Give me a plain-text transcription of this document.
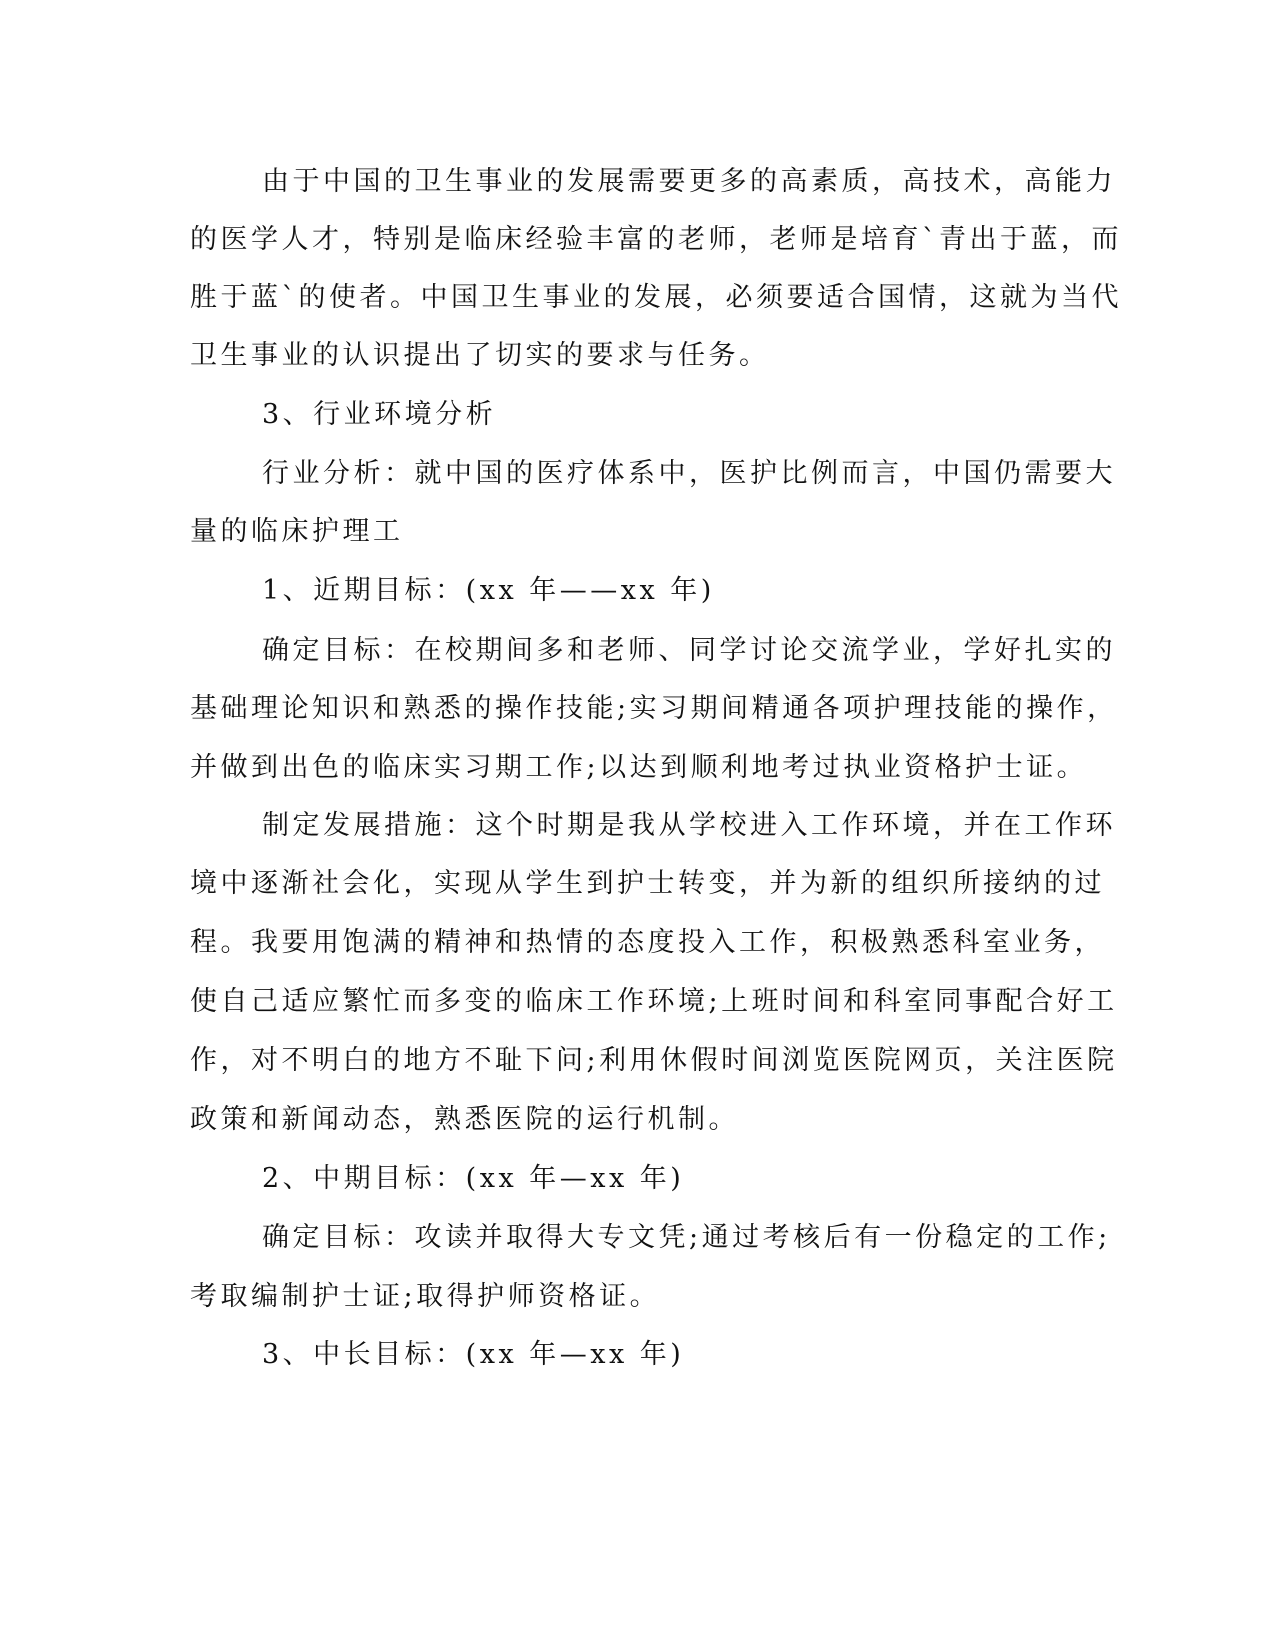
由于中国的卫生事业的发展需要更多的高素质，高技术，高能力
的医学人才，特别是临床经验丰富的老师，老师是培育`青出于蓝，而
胜于蓝`的使者。中国卫生事业的发展，必须要适合国情，这就为当代
卫生事业的认识提出了切实的要求与任务。
3、行业环境分析
行业分析：就中国的医疗体系中，医护比例而言，中国仍需要大
量的临床护理工
1、近期目标：(xx 年——xx 年)
确定目标：在校期间多和老师、同学讨论交流学业，学好扎实的
基础理论知识和熟悉的操作技能;实习期间精通各项护理技能的操作，
并做到出色的临床实习期工作;以达到顺利地考过执业资格护士证。
制定发展措施：这个时期是我从学校进入工作环境，并在工作环
境中逐渐社会化，实现从学生到护士转变，并为新的组织所接纳的过
程。我要用饱满的精神和热情的态度投入工作，积极熟悉科室业务，
使自己适应繁忙而多变的临床工作环境;上班时间和科室同事配合好工
作，对不明白的地方不耻下问;利用休假时间浏览医院网页，关注医院
政策和新闻动态，熟悉医院的运行机制。
2、中期目标：(xx 年—xx 年)
确定目标：攻读并取得大专文凭;通过考核后有一份稳定的工作;
考取编制护士证;取得护师资格证。
3、中长目标：(xx 年—xx 年)
